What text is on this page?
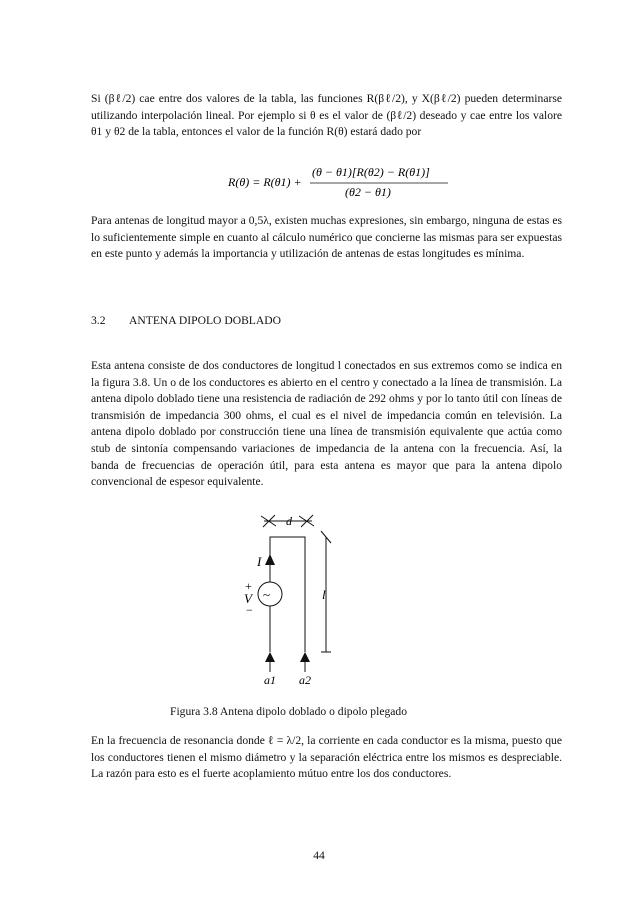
Si (βℓ/2) cae entre dos valores de la tabla, las funciones R(βℓ/2), y X(βℓ/2) pueden determinarse utilizando interpolación lineal. Por ejemplo si θ es el valor de (βℓ/2) deseado y cae entre los valore θ1 y θ2 de la tabla, entonces el valor de la función R(θ) estará dado por

R(θ) = R(θ1) +
(θ − θ1)[R(θ2) − R(θ1)]
(θ2 − θ1)

Para antenas de longitud mayor a 0,5λ, existen muchas expresiones, sin embargo, ninguna de estas es lo suficientemente simple en cuanto al cálculo numérico que concierne las mismas para ser expuestas en este punto y además la importancia y utilización de antenas de estas longitudes es mínima.

3.2 ANTENA DIPOLO DOBLADO

Esta antena consiste de dos conductores de longitud l conectados en sus extremos como se indica en la figura 3.8. Un o de los conductores es abierto en el centro y conectado a la línea de transmisión. La antena dipolo doblado tiene una resistencia de radiación de 292 ohms y por lo tanto útil con líneas de transmisión de impedancia 300 ohms, el cual es el nivel de impedancia común en televisión. La antena dipolo doblado por construcción tiene una línea de transmisión equivalente que actúa como stub de sintonía compensando variaciones de impedancia de la antena con la frecuencia. Así, la banda de frecuencias de operación útil, para esta antena es mayor que para la antena dipolo convencional de espesor equivalente.

d
I
~
+
V
−
l
a1 a2
Figura 3.8 Antena dipolo doblado o dipolo plegado

En la frecuencia de resonancia donde ℓ = λ/2, la corriente en cada conductor es la misma, puesto que los conductores tienen el mismo diámetro y la separación eléctrica entre los mismos es despreciable. La razón para esto es el fuerte acoplamiento mútuo entre los dos conductores.

44
